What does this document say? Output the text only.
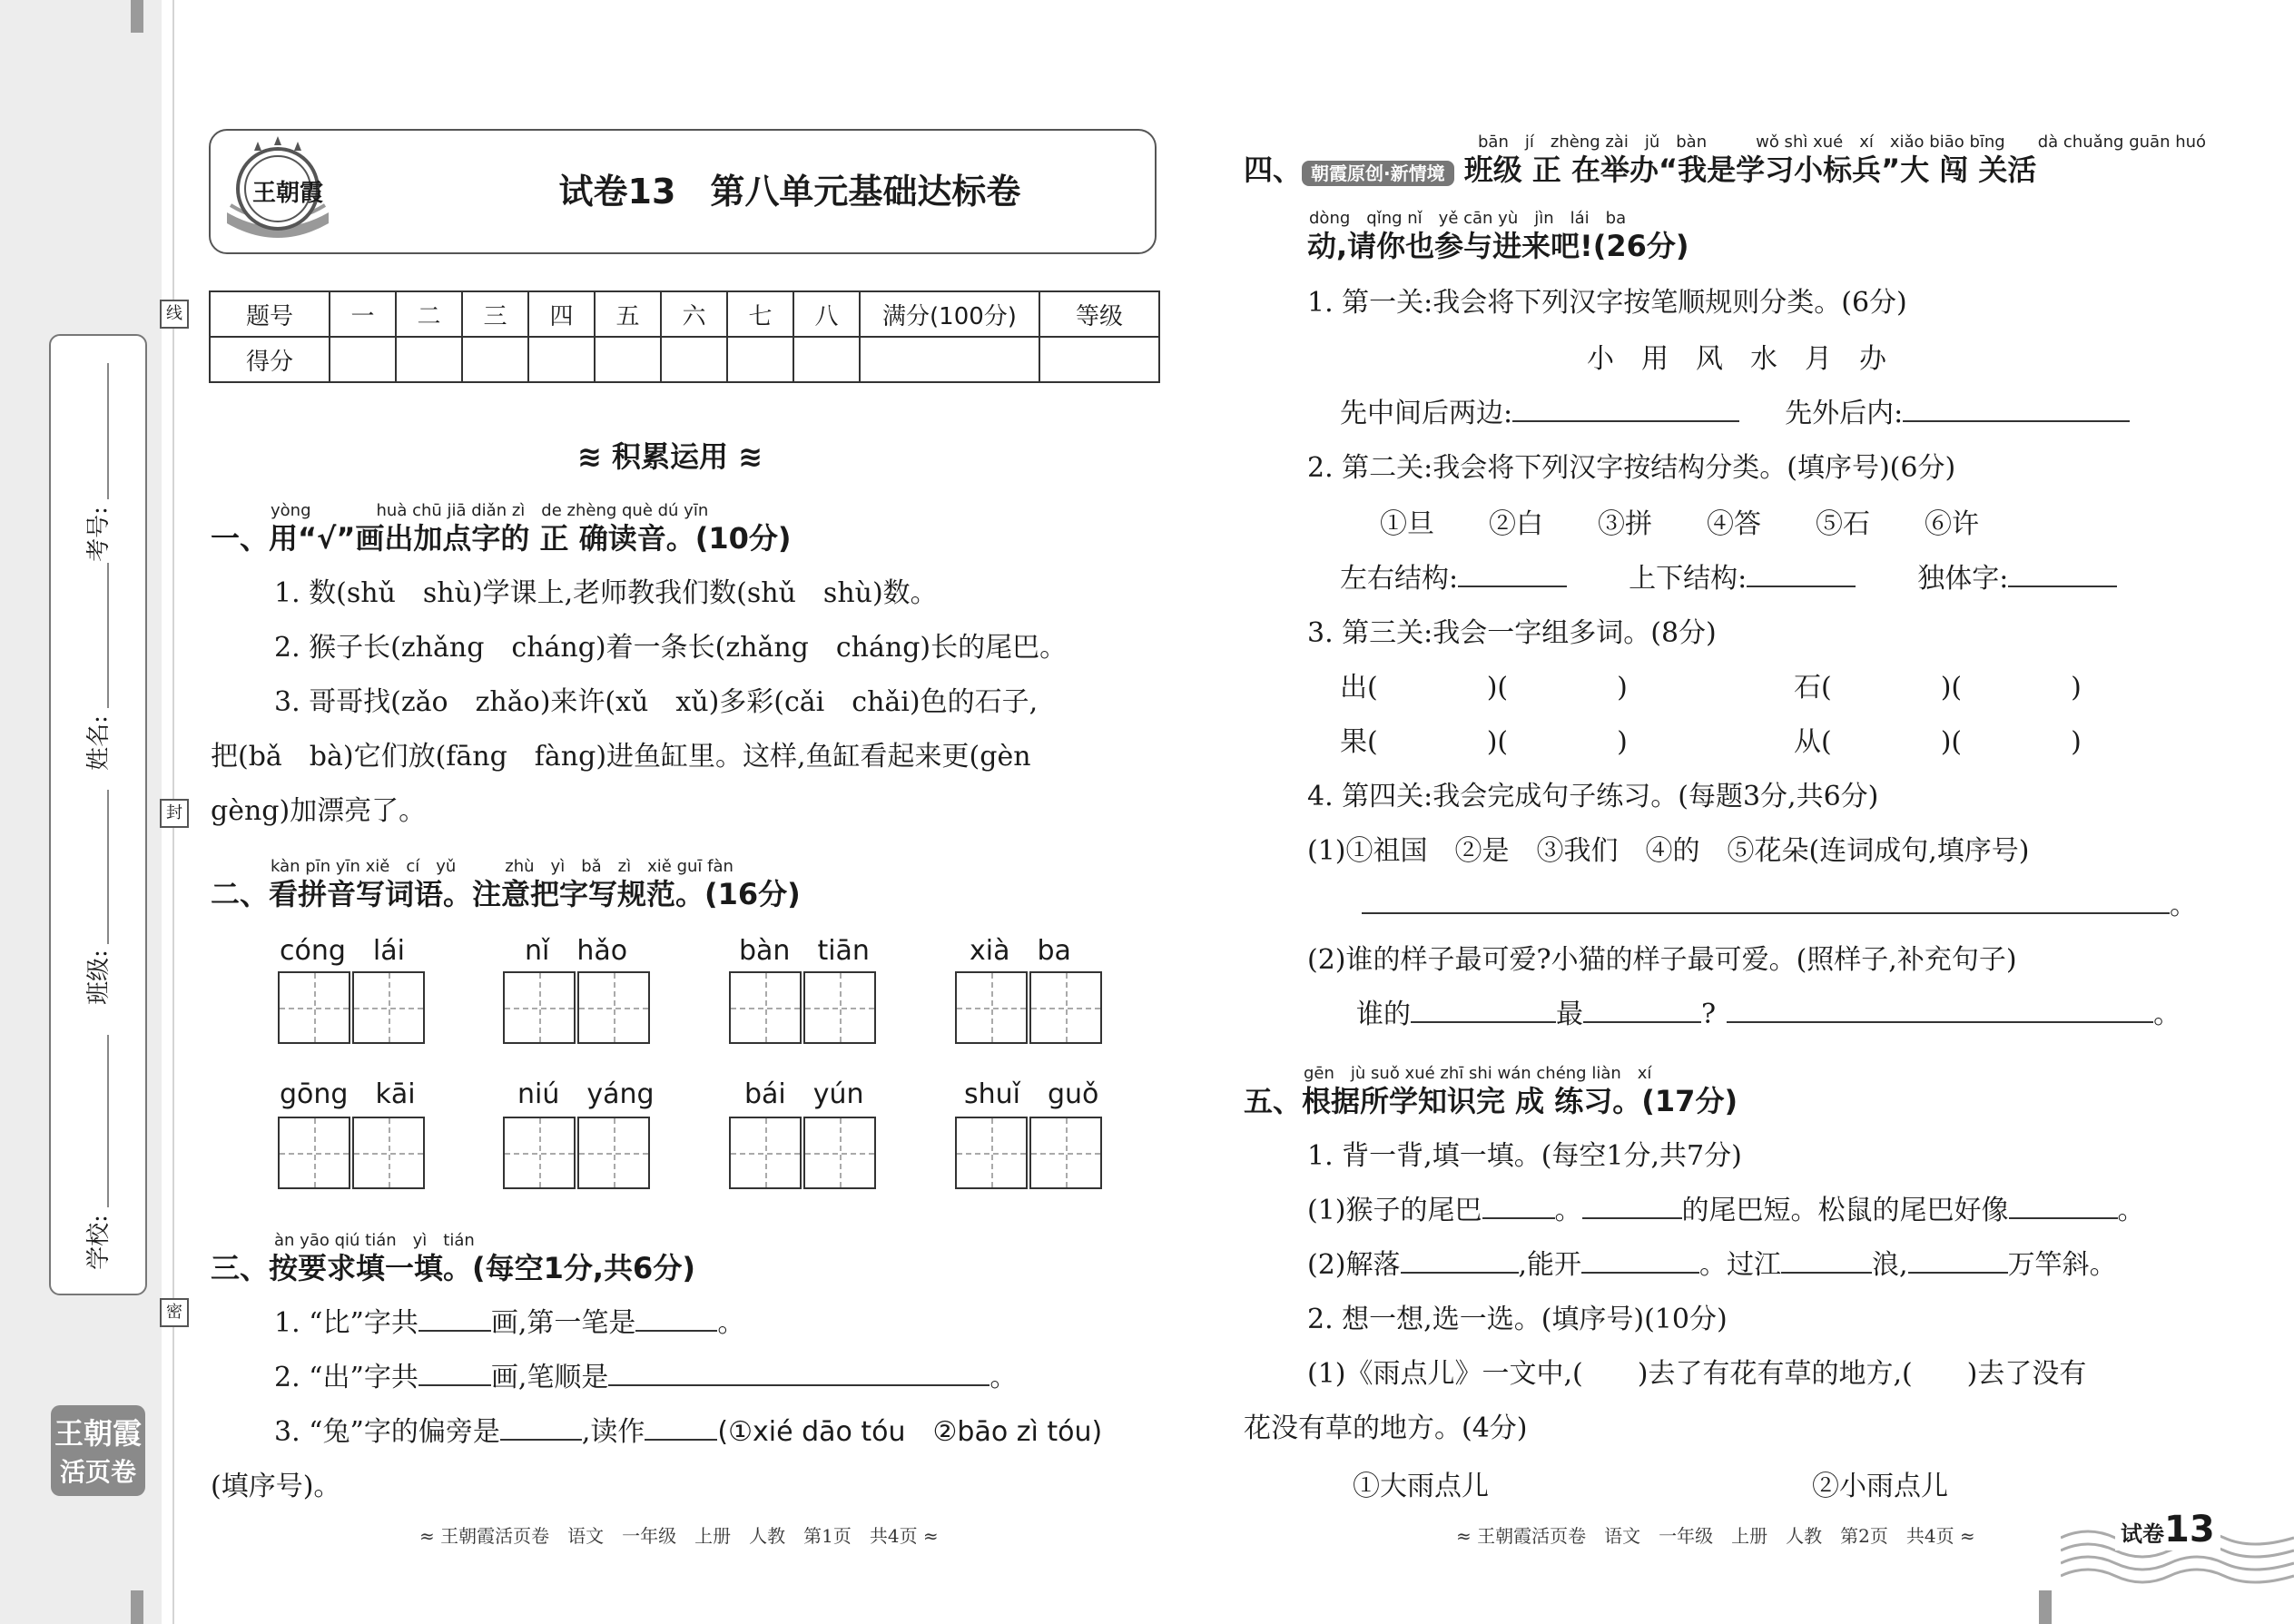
考号:
姓名:
班级:
学校:
线
封
密
王朝霞
活页卷
王朝霞	试卷13　第八单元基础达标卷
题号	一	二	三	四	五	六	七	八	满分(100分)	等级
得分										
≋ 积累运用 ≋
yòng　　　　huà chū jiā diǎn zì　de zhèng què dú yīn
一、用“√”画出加点字的 正 确读音。(10分)
1. 数(shǔ　shù)学课上,老师教我们数(shǔ　shù)数。
2. 猴子长(zhǎng　cháng)着一条长(zhǎng　cháng)长的尾巴。
3. 哥哥找(zǎo　zhǎo)来许(xǔ　xǔ)多彩(cǎi　chǎi)色的石子,
把(bǎ　bà)它们放(fāng　fàng)进鱼缸里。这样,鱼缸看起来更(gèn
gèng)加漂亮了。
kàn pīn yīn xiě　cí　yǔ　　　zhù　yì　bǎ　zì　xiě guī fàn
二、看拼音写词语。注意把字写规范。(16分)
cóng　lái	nǐ　hǎo	bàn　tiān	xià　ba
gōng　kāi	niú　yáng	bái　yún	shuǐ　guǒ
àn yāo qiú tián　yì　tián
三、按要求填一填。(每空1分,共6分)
1. “比”字共	画,第一笔是	。
2. “出”字共	画,笔顺是	。
3. “兔”字的偏旁是	,读作	(①xié dāo tóu　②bāo zì tóu)
(填序号)。
≈ 王朝霞活页卷　语文　一年级　上册　人教　第1页　共4页 ≈
bān　jí　zhèng zài　jǔ　bàn　　　wǒ shì xué　xí　xiǎo biāo bīng　　dà chuǎng guān huó
四、 朝霞原创·新情境 班级 正 在举办“我是学习小标兵”大 闯 关活
dòng　qǐng nǐ　yě cān yù　jìn　lái　ba
动,请你也参与进来吧!(26分)
1. 第一关:我会将下列汉字按笔顺规则分类。(6分)
小　用　风　水　月　办
先中间后两边:	先外后内:
2. 第二关:我会将下列汉字按结构分类。(填序号)(6分)
①旦　　②白　　③拼　　④答　　⑤石　　⑥许
左右结构:	上下结构:	独体字:
3. 第三关:我会一字组多词。(8分)
出(　　　　)(　　　　)	石(　　　　)(　　　　)
果(　　　　)(　　　　)	从(　　　　)(　　　　)
4. 第四关:我会完成句子练习。(每题3分,共6分)
(1)①祖国　②是　③我们　④的　⑤花朵(连词成句,填序号)
。
(2)谁的样子最可爱?小猫的样子最可爱。(照样子,补充句子)
谁的	最	?	。
gēn　jù suǒ xué zhī shi wán chéng liàn　xí
五、根据所学知识完 成 练习。(17分)
1. 背一背,填一填。(每空1分,共7分)
(1)猴子的尾巴	。	的尾巴短。松鼠的尾巴好像	。
(2)解落	,能开	。过江	浪,	万竿斜。
2. 想一想,选一选。(填序号)(10分)
(1)《雨点儿》一文中,(　　)去了有花有草的地方,(　　)去了没有
花没有草的地方。(4分)
①大雨点儿	②小雨点儿
≈ 王朝霞活页卷　语文　一年级　上册　人教　第2页　共4页 ≈	试卷13
